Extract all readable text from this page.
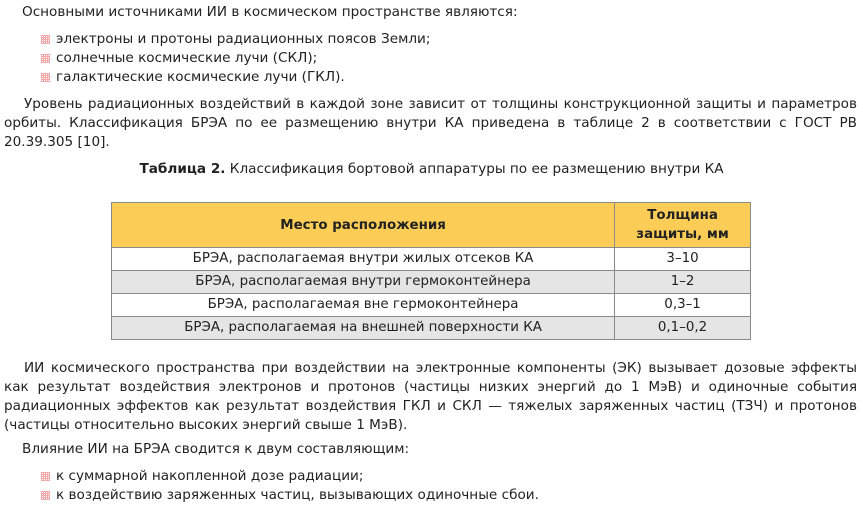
Основными источниками ИИ в космическом пространстве являются:

электроны и протоны радиационных поясов Земли;
солнечные космические лучи (СКЛ);
галактические космические лучи (ГКЛ).

Уровень радиационных воздействий в каждой зоне зависит от толщины конструкционной защиты и параметров орбиты. Классификация БРЭА по ее размещению внутри КА приведена в таблице 2 в соответствии с ГОСТ РВ 20.39.305 [10].

Таблица 2. Классификация бортовой аппаратуры по ее размещению внутри КА
Место расположения	Толщина защиты, мм
БРЭА, располагаемая внутри жилых отсеков КА	3–10
БРЭА, располагаемая внутри гермоконтейнера	1–2
БРЭА, располагаемая вне гермоконтейнера	0,3–1
БРЭА, располагаемая на внешней поверхности КА	0,1–0,2

ИИ космического пространства при воздействии на электронные компоненты (ЭК) вызывает дозовые эффекты как результат воздействия электронов и протонов (частицы низких энергий до 1 МэВ) и одиночные события радиационных эффектов как результат воздействия ГКЛ и СКЛ — тяжелых заряженных частиц (ТЗЧ) и протонов (частицы относительно высоких энергий свыше 1 МэВ).

Влияние ИИ на БРЭА сводится к двум составляющим:

к суммарной накопленной дозе радиации;
к воздействию заряженных частиц, вызывающих одиночные сбои.
